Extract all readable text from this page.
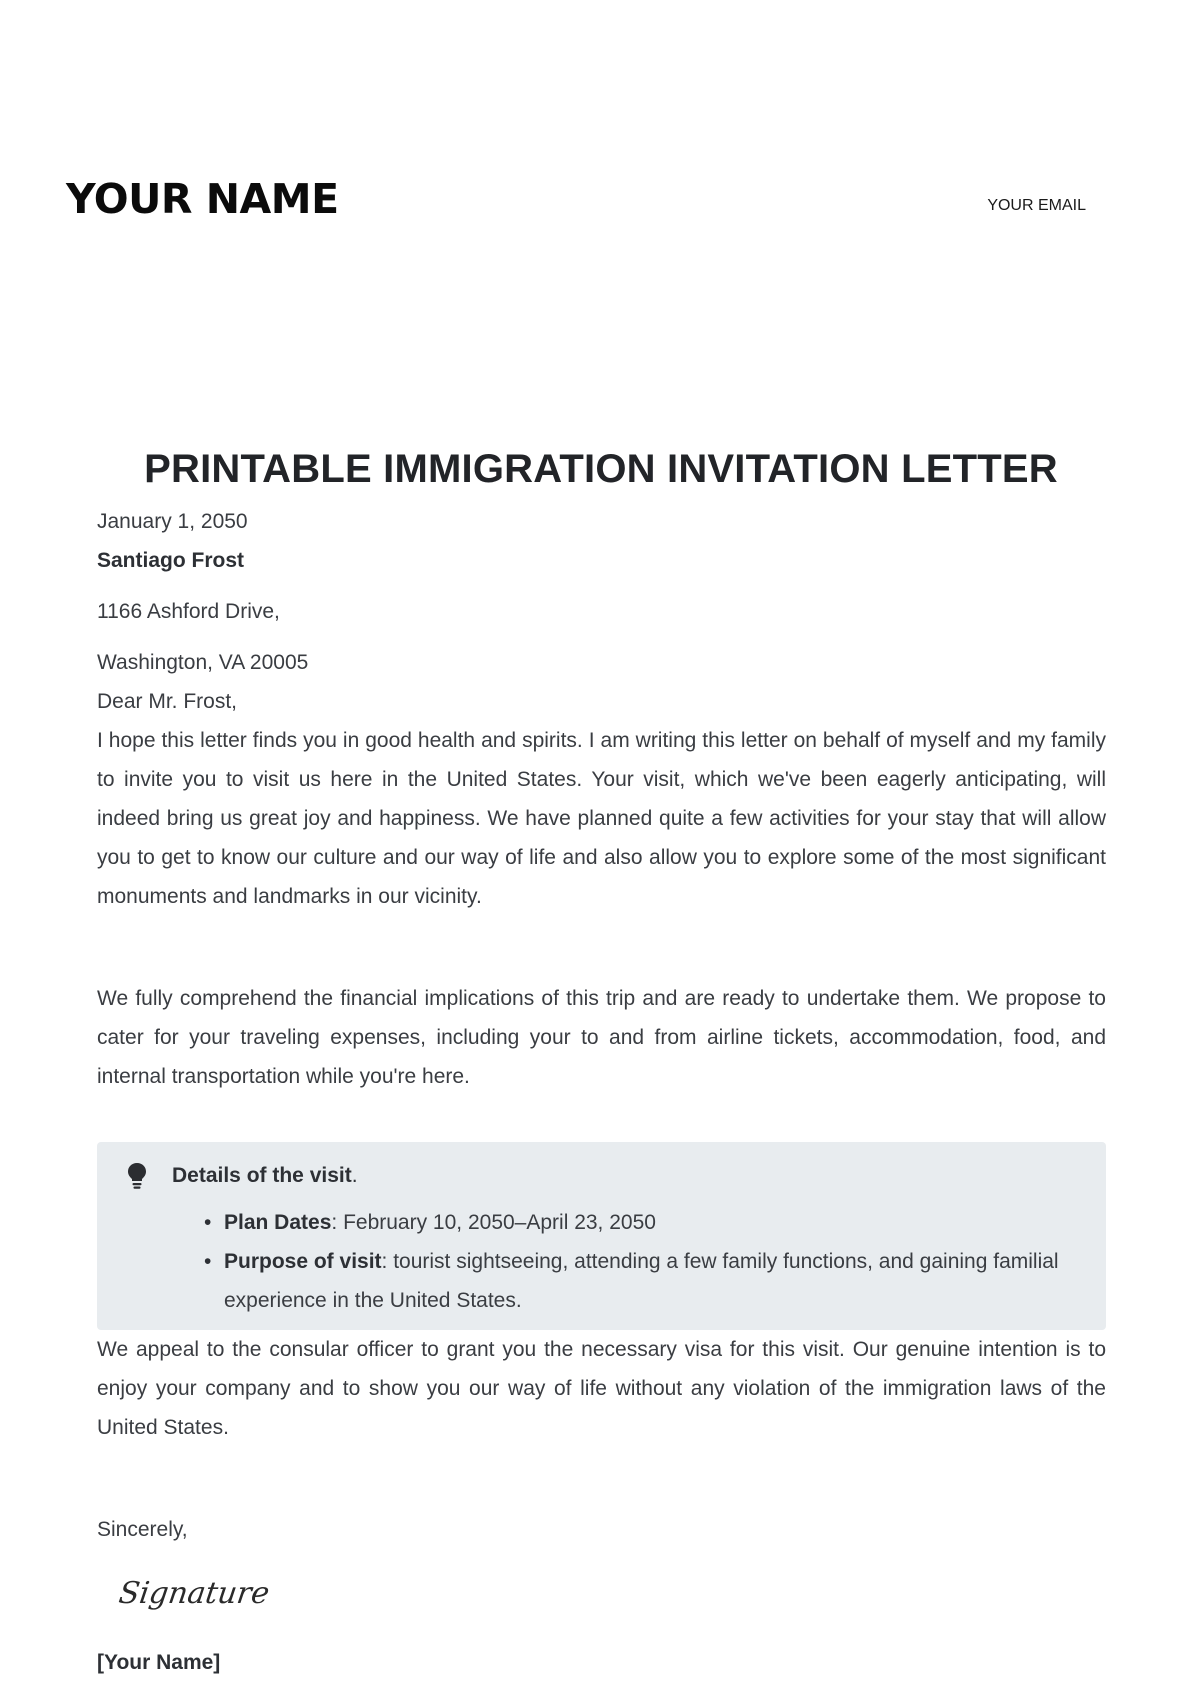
YOUR NAME	YOUR EMAIL
PRINTABLE IMMIGRATION INVITATION LETTER

January 1, 2050

Santiago Frost

1166 Ashford Drive,

Washington, VA 20005

Dear Mr. Frost,

I hope this letter finds you in good health and spirits. I am writing this letter on behalf of myself and my family to invite you to visit us here in the United States. Your visit, which we've been eagerly anticipating, will indeed bring us great joy and happiness. We have planned quite a few activities for your stay that will allow you to get to know our culture and our way of life and also allow you to explore some of the most significant monuments and landmarks in our vicinity.

We fully comprehend the financial implications of this trip and are ready to undertake them. We propose to cater for your traveling expenses, including your to and from airline tickets, accommodation, food, and internal transportation while you're here.

Details of the visit .
• Plan Dates: February 10, 2050–April 23, 2050
• Purpose of visit: tourist sightseeing, attending a few family functions, and gaining familial experience in the United States.

We appeal to the consular officer to grant you the necessary visa for this visit. Our genuine intention is to enjoy your company and to show you our way of life without any violation of the immigration laws of the United States.

Sincerely,

Signature

[Your Name]
